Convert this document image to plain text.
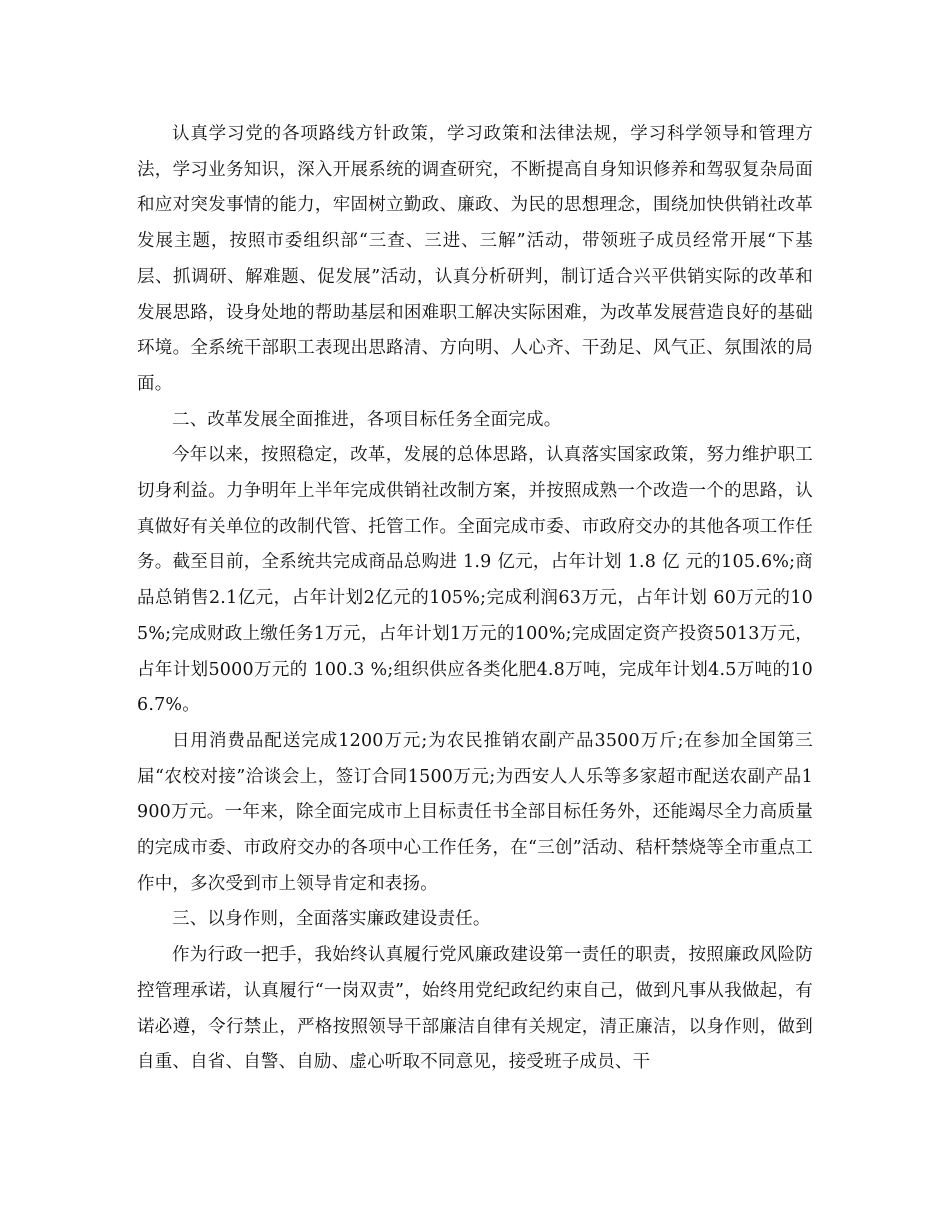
认真学习党的各项路线方针政策，学习政策和法律法规，学习科学领导和管理方法，学习业务知识，深入开展系统的调查研究，不断提高自身知识修养和驾驭复杂局面和应对突发事情的能力，牢固树立勤政、廉政、为民的思想理念，围绕加快供销社改革发展主题，按照市委组织部“三查、三进、三解”活动，带领班子成员经常开展“下基层、抓调研、解难题、促发展”活动，认真分析研判，制订适合兴平供销实际的改革和发展思路，设身处地的帮助基层和困难职工解决实际困难，为改革发展营造良好的基础环境。全系统干部职工表现出思路清、方向明、人心齐、干劲足、风气正、氛围浓的局面。

二、改革发展全面推进，各项目标任务全面完成。

今年以来，按照稳定，改革，发展的总体思路，认真落实国家政策，努力维护职工切身利益。力争明年上半年完成供销社改制方案，并按照成熟一个改造一个的思路，认真做好有关单位的改制代管、托管工作。全面完成市委、市政府交办的其他各项工作任务。截至目前，全系统共完成商品总购进 1.9 亿元，占年计划 1.8 亿 元的105.6%;商品总销售2.1亿元，占年计划2亿元的105%;完成利润63万元，占年计划 60万元的105%;完成财政上缴任务1万元，占年计划1万元的100%;完成固定资产投资5013万元，占年计划5000万元的 100.3 %;组织供应各类化肥4.8万吨，完成年计划4.5万吨的106.7%。

日用消费品配送完成1200万元;为农民推销农副产品3500万斤;在参加全国第三届“农校对接”洽谈会上，签订合同1500万元;为西安人人乐等多家超市配送农副产品1900万元。一年来，除全面完成市上目标责任书全部目标任务外，还能竭尽全力高质量的完成市委、市政府交办的各项中心工作任务，在“三创”活动、秸杆禁烧等全市重点工作中，多次受到市上领导肯定和表扬。

三、以身作则，全面落实廉政建设责任。

作为行政一把手，我始终认真履行党风廉政建设第一责任的职责，按照廉政风险防控管理承诺，认真履行“一岗双责”，始终用党纪政纪约束自己，做到凡事从我做起，有诺必遵，令行禁止，严格按照领导干部廉洁自律有关规定，清正廉洁，以身作则，做到自重、自省、自警、自励、虚心听取不同意见，接受班子成员、干
